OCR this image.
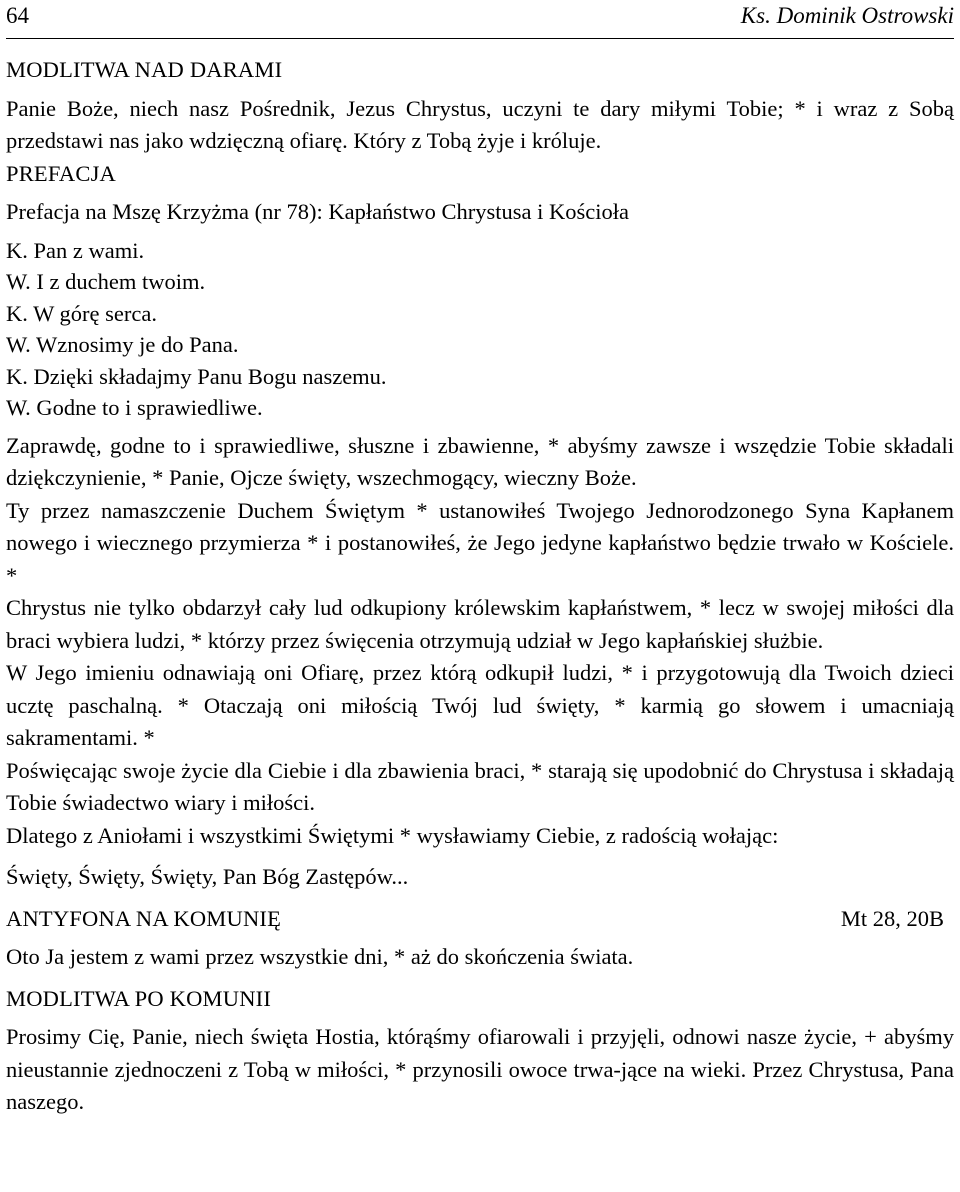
64	Ks. Dominik Ostrowski
MODLITWA NAD DARAMI

Panie Boże, niech nasz Pośrednik, Jezus Chrystus, uczyni te dary miłymi Tobie; * i wraz z Sobą przedstawi nas jako wdzięczną ofiarę. Który z Tobą żyje i króluje.

PREFACJA

Prefacja na Mszę Krzyżma (nr 78): Kapłaństwo Chrystusa i Kościoła

K. Pan z wami.

W. I z duchem twoim.

K. W górę serca.

W. Wznosimy je do Pana.

K. Dzięki składajmy Panu Bogu naszemu.

W. Godne to i sprawiedliwe.

Zaprawdę, godne to i sprawiedliwe, słuszne i zbawienne, * abyśmy zawsze i wszędzie Tobie składali dziękczynienie, * Panie, Ojcze święty, wszechmogący, wieczny Boże.

Ty przez namaszczenie Duchem Świętym * ustanowiłeś Twojego Jednorodzonego Syna Kapłanem nowego i wiecznego przymierza * i postanowiłeś, że Jego jedyne kapłaństwo będzie trwało w Kościele. *

Chrystus nie tylko obdarzył cały lud odkupiony królewskim kapłaństwem, * lecz w swojej miłości dla braci wybiera ludzi, * którzy przez święcenia otrzymują udział w Jego kapłańskiej służbie.

W Jego imieniu odnawiają oni Ofiarę, przez którą odkupił ludzi, * i przygotowują dla Twoich dzieci ucztę paschalną. * Otaczają oni miłością Twój lud święty, * karmią go słowem i umacniają sakramentami. *

Poświęcając swoje życie dla Ciebie i dla zbawienia braci, * starają się upodobnić do Chrystusa i składają Tobie świadectwo wiary i miłości.

Dlatego z Aniołami i wszystkimi Świętymi * wysławiamy Ciebie, z radością wołając:

Święty, Święty, Święty, Pan Bóg Zastępów...

ANTYFONA NA KOMUNIĘ	Mt 28, 20B

Oto Ja jestem z wami przez wszystkie dni, * aż do skończenia świata.

MODLITWA PO KOMUNII

Prosimy Cię, Panie, niech święta Hostia, którąśmy ofiarowali i przyjęli, odnowi nasze życie, + abyśmy nieustannie zjednoczeni z Tobą w miłości, * przynosili owoce trwa-jące na wieki. Przez Chrystusa, Pana naszego.
